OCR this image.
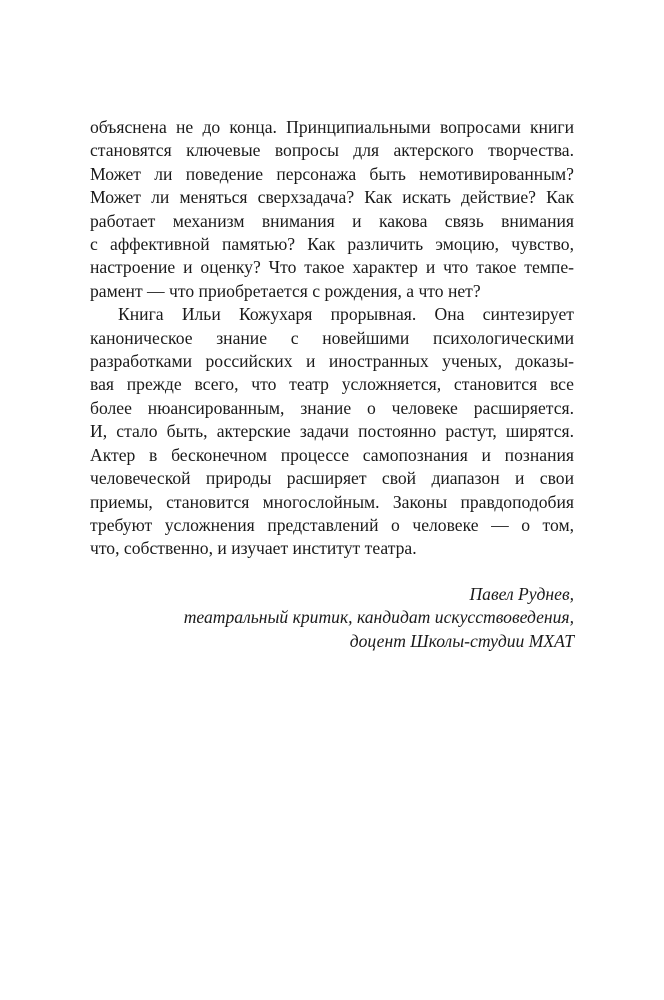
объяснена не до конца. Принципиальными вопросами книги
становятся ключевые вопросы для актерского творчества.
Может ли поведение персонажа быть немотивированным?
Может ли меняться сверхзадача? Как искать действие? Как
работает механизм внимания и какова связь внимания
с аффективной памятью? Как различить эмоцию, чувство,
настроение и оценку? Что такое характер и что такое темпе-
рамент — что приобретается с рождения, а что нет?

Книга Ильи Кожухаря прорывная. Она синтезирует
каноническое знание с новейшими психологическими
разработками российских и иностранных ученых, доказы-
вая прежде всего, что театр усложняется, становится все
более нюансированным, знание о человеке расширяется.
И, стало быть, актерские задачи постоянно растут, ширятся.
Актер в бесконечном процессе самопознания и познания
человеческой природы расширяет свой диапазон и свои
приемы, становится многослойным. Законы правдоподобия
требуют усложнения представлений о человеке — о том,
что, собственно, и изучает институт театра.

Павел Руднев,
театральный критик, кандидат искусствоведения,
доцент Школы-студии МХАТ
